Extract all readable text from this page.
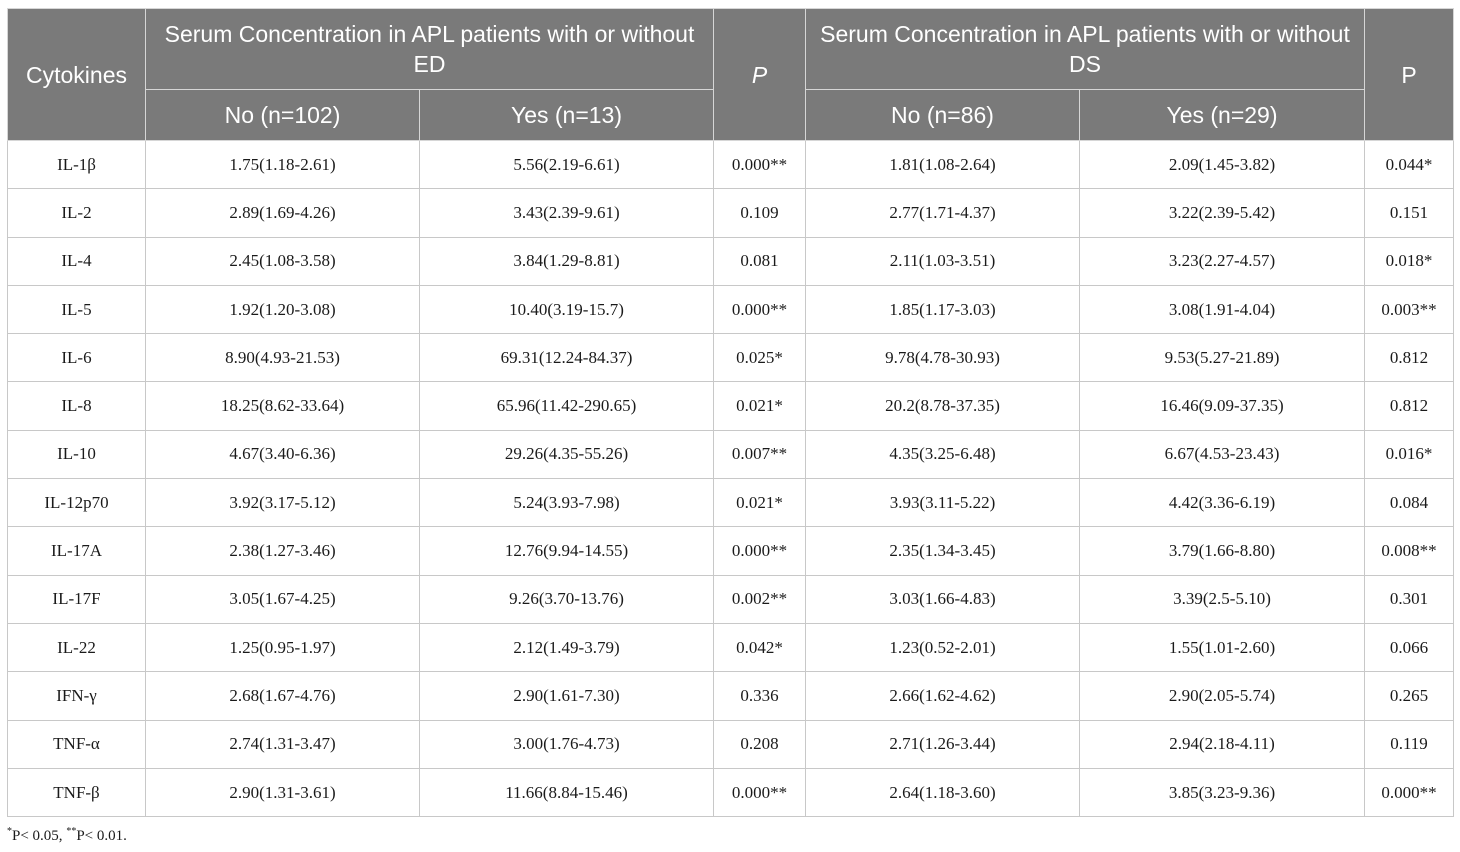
Cytokines	Serum Concentration in APL patients with or without ED		P	Serum Concentration in APL patients with or without DS		P
	No (n=102)	Yes (n=13)		No (n=86)	Yes (n=29)	
IL-1β	1.75(1.18-2.61)	5.56(2.19-6.61)	0.000**	1.81(1.08-2.64)	2.09(1.45-3.82)	0.044*
IL-2	2.89(1.69-4.26)	3.43(2.39-9.61)	0.109	2.77(1.71-4.37)	3.22(2.39-5.42)	0.151
IL-4	2.45(1.08-3.58)	3.84(1.29-8.81)	0.081	2.11(1.03-3.51)	3.23(2.27-4.57)	0.018*
IL-5	1.92(1.20-3.08)	10.40(3.19-15.7)	0.000**	1.85(1.17-3.03)	3.08(1.91-4.04)	0.003**
IL-6	8.90(4.93-21.53)	69.31(12.24-84.37)	0.025*	9.78(4.78-30.93)	9.53(5.27-21.89)	0.812
IL-8	18.25(8.62-33.64)	65.96(11.42-290.65)	0.021*	20.2(8.78-37.35)	16.46(9.09-37.35)	0.812
IL-10	4.67(3.40-6.36)	29.26(4.35-55.26)	0.007**	4.35(3.25-6.48)	6.67(4.53-23.43)	0.016*
IL-12p70	3.92(3.17-5.12)	5.24(3.93-7.98)	0.021*	3.93(3.11-5.22)	4.42(3.36-6.19)	0.084
IL-17A	2.38(1.27-3.46)	12.76(9.94-14.55)	0.000**	2.35(1.34-3.45)	3.79(1.66-8.80)	0.008**
IL-17F	3.05(1.67-4.25)	9.26(3.70-13.76)	0.002**	3.03(1.66-4.83)	3.39(2.5-5.10)	0.301
IL-22	1.25(0.95-1.97)	2.12(1.49-3.79)	0.042*	1.23(0.52-2.01)	1.55(1.01-2.60)	0.066
IFN-γ	2.68(1.67-4.76)	2.90(1.61-7.30)	0.336	2.66(1.62-4.62)	2.90(2.05-5.74)	0.265
TNF-α	2.74(1.31-3.47)	3.00(1.76-4.73)	0.208	2.71(1.26-3.44)	2.94(2.18-4.11)	0.119
TNF-β	2.90(1.31-3.61)	11.66(8.84-15.46)	0.000**	2.64(1.18-3.60)	3.85(3.23-9.36)	0.000**
*P< 0.05, **P< 0.01.
